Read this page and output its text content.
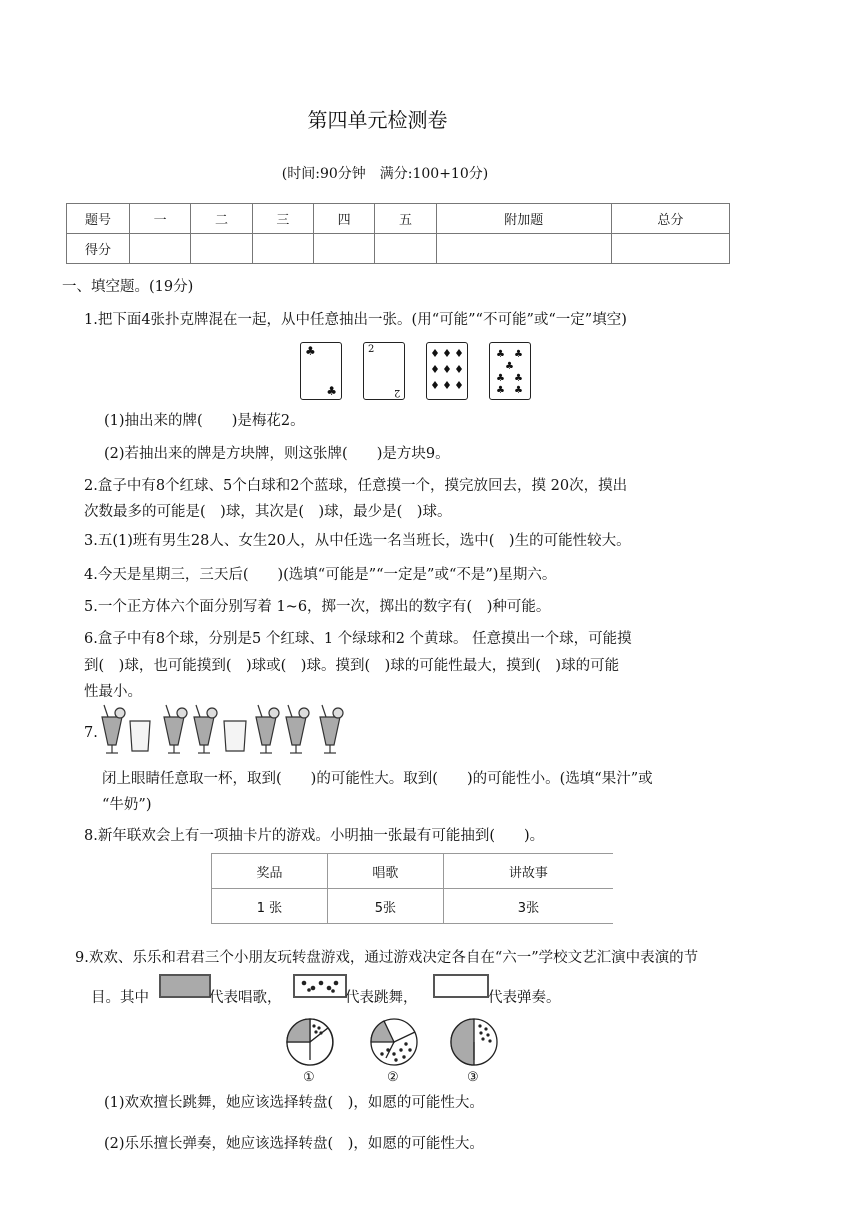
第四单元检测卷
(时间:90分钟　满分:100+10分)
题号	一	二	三	四	五	附加题	总分
得分							
一、填空题。(19分)
1.把下面4张扑克牌混在一起，从中任意抽出一张。(用“可能”“不可能”或“一定”填空)
♣
♣
2
2
♣ ♣
♣
♣ ♣
♣ ♣
(1)抽出来的牌(　　)是梅花2。
(2)若抽出来的牌是方块牌，则这张牌(　　)是方块9。
2.盒子中有8个红球、5个白球和2个蓝球，任意摸一个，摸完放回去，摸 20次，摸出
次数最多的可能是(　)球，其次是(　)球，最少是(　)球。
3.五(1)班有男生28人、女生20人，从中任选一名当班长，选中(　)生的可能性较大。
4.今天是星期三，三天后(　　)(选填“可能是”“一定是”或“不是”)星期六。
5.一个正方体六个面分别写着 1~6，掷一次，掷出的数字有(　)种可能。
6.盒子中有8个球，分别是5 个红球、1 个绿球和2 个黄球。 任意摸出一个球，可能摸
到(　)球，也可能摸到(　)球或(　)球。摸到(　)球的可能性最大，摸到(　)球的可能
性最小。
7.
闭上眼睛任意取一杯，取到(　　)的可能性大。取到(　　)的可能性小。(选填“果汁”或
“牛奶”)
8.新年联欢会上有一项抽卡片的游戏。小明抽一张最有可能抽到(　　)。
奖品	唱歌	讲故事
1 张	5张	3张
9.欢欢、乐乐和君君三个小朋友玩转盘游戏，通过游戏决定各自在“六一”学校文艺汇演中表演的节
目。其中	代表唱歌，	代表跳舞，	代表弹奏。
①	②	③
(1)欢欢擅长跳舞，她应该选择转盘(　)，如愿的可能性大。
(2)乐乐擅长弹奏，她应该选择转盘(　)，如愿的可能性大。
